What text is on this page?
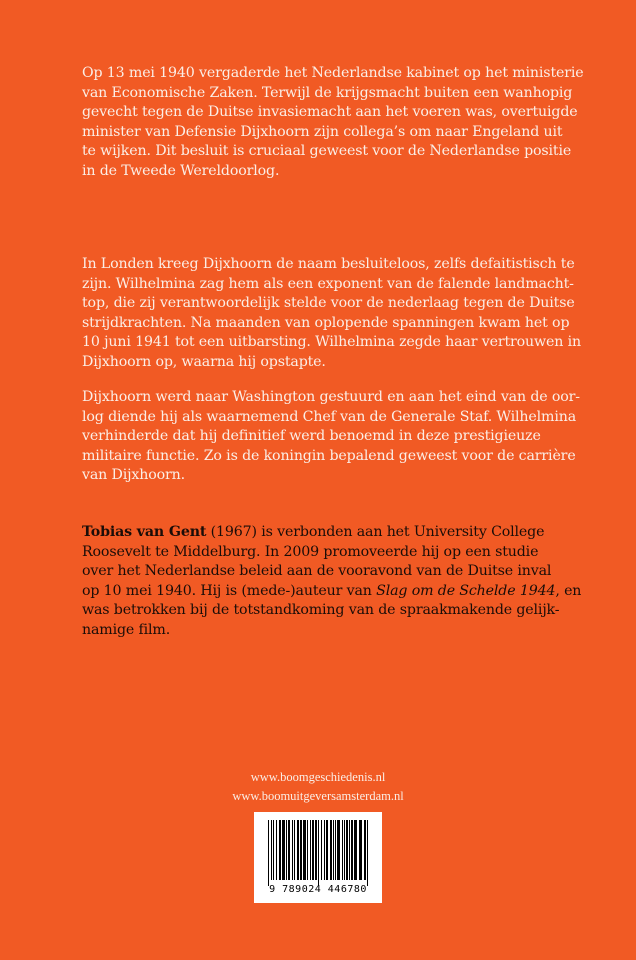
Op 13 mei 1940 vergaderde het Nederlandse kabinet op het ministerie
van Economische Zaken. Terwijl de krijgsmacht buiten een wanhopig
gevecht tegen de Duitse invasiemacht aan het voeren was, overtuigde
minister van Defensie Dijxhoorn zijn collega’s om naar Engeland uit
te wijken. Dit besluit is cruciaal geweest voor de Nederlandse positie
in de Tweede Wereldoorlog.
In Londen kreeg Dijxhoorn de naam besluiteloos, zelfs defaitistisch te
zijn. Wilhelmina zag hem als een exponent van de falende landmacht-
top, die zij verantwoordelijk stelde voor de nederlaag tegen de Duitse
strijdkrachten. Na maanden van oplopende spanningen kwam het op
10 juni 1941 tot een uitbarsting. Wilhelmina zegde haar vertrouwen in
Dijxhoorn op, waarna hij opstapte.
Dijxhoorn werd naar Washington gestuurd en aan het eind van de oor-
log diende hij als waarnemend Chef van de Generale Staf. Wilhelmina
verhinderde dat hij definitief werd benoemd in deze prestigieuze
militaire functie. Zo is de koningin bepalend geweest voor de carrière
van Dijxhoorn.
Tobias van Gent (1967) is verbonden aan het University College
Roosevelt te Middelburg. In 2009 promoveerde hij op een studie
over het Nederlandse beleid aan de vooravond van de Duitse inval
op 10 mei 1940. Hij is (mede-)auteur van Slag om de Schelde 1944, en
was betrokken bij de totstandkoming van de spraakmakende gelijk-
namige film.
www.boomgeschiedenis.nl
www.boomuitgeversamsterdam.nl
9 789024 446780
